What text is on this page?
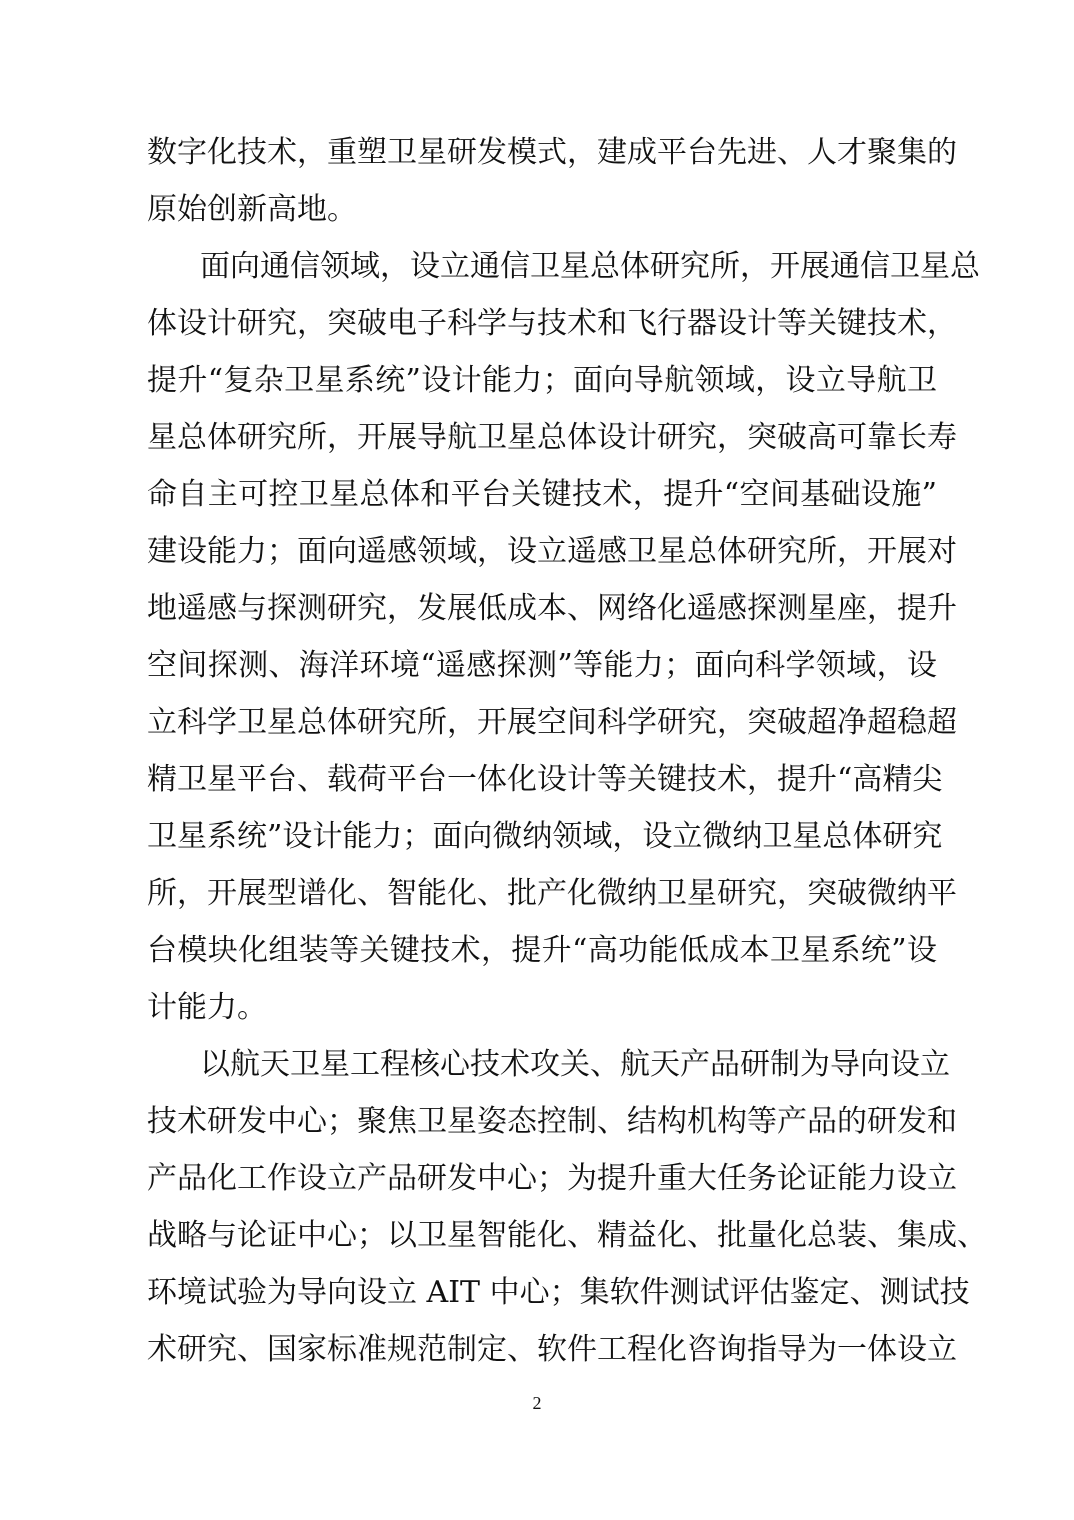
数字化技术，重塑卫星研发模式，建成平台先进、人才聚集的
原始创新高地。
面向通信领域，设立通信卫星总体研究所，开展通信卫星总
体设计研究，突破电子科学与技术和飞行器设计等关键技术，
提升“复杂卫星系统”设计能力；面向导航领域，设立导航卫
星总体研究所，开展导航卫星总体设计研究，突破高可靠长寿
命自主可控卫星总体和平台关键技术，提升“空间基础设施”
建设能力；面向遥感领域，设立遥感卫星总体研究所，开展对
地遥感与探测研究，发展低成本、网络化遥感探测星座，提升
空间探测、海洋环境“遥感探测”等能力；面向科学领域，设
立科学卫星总体研究所，开展空间科学研究，突破超净超稳超
精卫星平台、载荷平台一体化设计等关键技术，提升“高精尖
卫星系统”设计能力；面向微纳领域，设立微纳卫星总体研究
所，开展型谱化、智能化、批产化微纳卫星研究，突破微纳平
台模块化组装等关键技术，提升“高功能低成本卫星系统”设
计能力。
以航天卫星工程核心技术攻关、航天产品研制为导向设立
技术研发中心；聚焦卫星姿态控制、结构机构等产品的研发和
产品化工作设立产品研发中心；为提升重大任务论证能力设立
战略与论证中心；以卫星智能化、精益化、批量化总装、集成、
环境试验为导向设立 AIT 中心；集软件测试评估鉴定、测试技
术研究、国家标准规范制定、软件工程化咨询指导为一体设立
2
